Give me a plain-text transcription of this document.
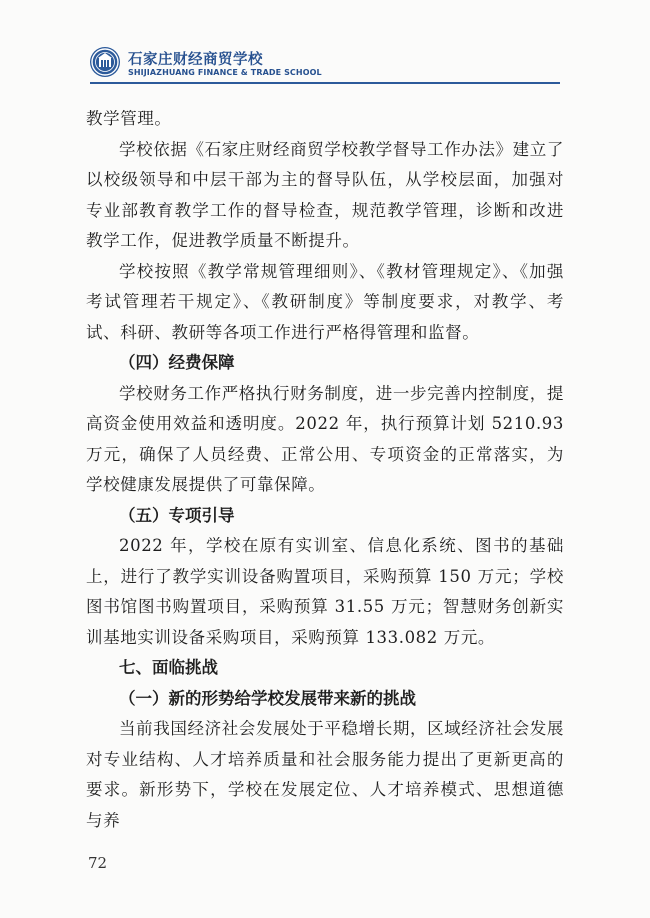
石家庄财经商贸学校
SHIJIAZHUANG FINANCE & TRADE SCHOOL

教学管理。

学校依据《石家庄财经商贸学校教学督导工作办法》建立了以校级领导和中层干部为主的督导队伍，从学校层面，加强对专业部教育教学工作的督导检查，规范教学管理，诊断和改进教学工作，促进教学质量不断提升。

学校按照《教学常规管理细则》、《教材管理规定》、《加强考试管理若干规定》、《教研制度》等制度要求，对教学、考试、科研、教研等各项工作进行严格得管理和监督。

（四）经费保障

学校财务工作严格执行财务制度，进一步完善内控制度，提高资金使用效益和透明度。2022 年，执行预算计划 5210.93 万元，确保了人员经费、正常公用、专项资金的正常落实，为学校健康发展提供了可靠保障。

（五）专项引导

2022 年，学校在原有实训室、信息化系统、图书的基础上，进行了教学实训设备购置项目，采购预算 150 万元；学校图书馆图书购置项目，采购预算 31.55 万元；智慧财务创新实训基地实训设备采购项目，采购预算 133.082 万元。

七、面临挑战

（一）新的形势给学校发展带来新的挑战

当前我国经济社会发展处于平稳增长期，区域经济社会发展对专业结构、人才培养质量和社会服务能力提出了更新更高的要求。新形势下，学校在发展定位、人才培养模式、思想道德与养

72
